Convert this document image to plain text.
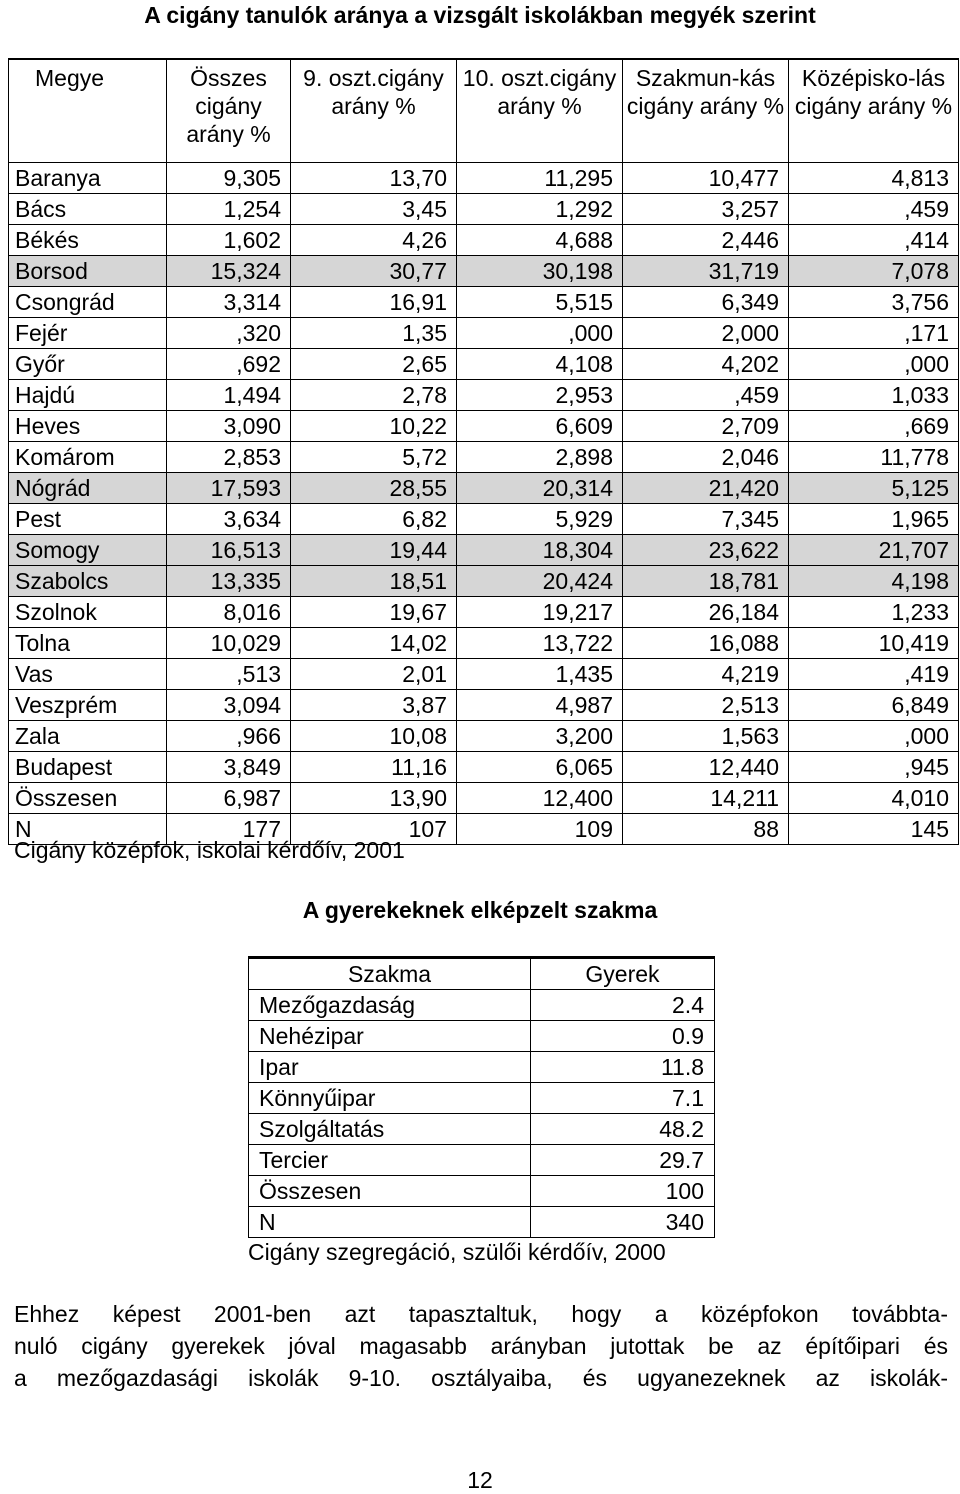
A cigány tanulók aránya a vizsgált iskolákban megyék szerint
Megye	Összes cigány arány %	9. oszt.cigány arány %	10. oszt.cigány arány %	Szakmun-kás cigány arány %	Középisko-lás cigány arány %
Baranya	9,305	13,70	11,295	10,477	4,813
Bács	1,254	3,45	1,292	3,257	,459
Békés	1,602	4,26	4,688	2,446	,414
Borsod	15,324	30,77	30,198	31,719	7,078
Csongrád	3,314	16,91	5,515	6,349	3,756
Fejér	,320	1,35	,000	2,000	,171
Győr	,692	2,65	4,108	4,202	,000
Hajdú	1,494	2,78	2,953	,459	1,033
Heves	3,090	10,22	6,609	2,709	,669
Komárom	2,853	5,72	2,898	2,046	11,778
Nógrád	17,593	28,55	20,314	21,420	5,125
Pest	3,634	6,82	5,929	7,345	1,965
Somogy	16,513	19,44	18,304	23,622	21,707
Szabolcs	13,335	18,51	20,424	18,781	4,198
Szolnok	8,016	19,67	19,217	26,184	1,233
Tolna	10,029	14,02	13,722	16,088	10,419
Vas	,513	2,01	1,435	4,219	,419
Veszprém	3,094	3,87	4,987	2,513	6,849
Zala	,966	10,08	3,200	1,563	,000
Budapest	3,849	11,16	6,065	12,440	,945
Összesen	6,987	13,90	12,400	14,211	4,010
N	177	107	109	88	145
Cigány középfok, iskolai kérdőív, 2001
A gyerekeknek elképzelt szakma
Szakma	Gyerek
Mezőgazdaság	2.4
Nehézipar	0.9
Ipar	11.8
Könnyűipar	7.1
Szolgáltatás	48.2
Tercier	29.7
Összesen	100
N	340
Cigány szegregáció, szülői kérdőív, 2000
Ehhez képest 2001-ben azt tapasztaltuk, hogy a középfokon továbbta-
nuló cigány gyerekek jóval magasabb arányban jutottak be az építőipari és
a mezőgazdasági iskolák 9-10. osztályaiba, és ugyanezeknek az iskolák-
12
